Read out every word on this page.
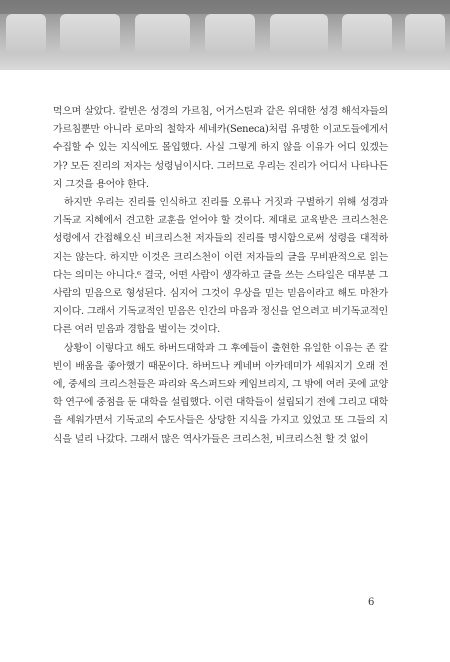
먹으며 살았다. 칼빈은 성경의 가르침, 어거스틴과 같은 위대한 성경 해석자들의 가르침뿐만 아니라 로마의 철학자 세네카(Seneca)처럼 유명한 이교도들에게서 수집할 수 있는 지식에도 몰입했다. 사실 그렇게 하지 않을 이유가 어디 있겠는가? 모든 진리의 저자는 성령님이시다. 그러므로 우리는 진리가 어디서 나타나든지 그것을 용어야 한다.

하지만 우리는 진리를 인식하고 진리를 오류나 거짓과 구별하기 위해 성경과 기독교 지혜에서 견고한 교훈을 얻어야 할 것이다. 제대로 교육받은 크리스천은 성령에서 간접해오신 비크리스천 저자들의 진리를 명시함으로써 성령을 대적하지는 않는다. 하지만 이것은 크리스천이 이런 저자들의 글을 무비판적으로 읽는다는 의미는 아니다.⁶ 결국, 어떤 사람이 생각하고 글을 쓰는 스타일은 대부분 그 사람의 믿음으로 형성된다. 심지어 그것이 우상을 믿는 믿음이라고 해도 마찬가지이다. 그래서 기독교적인 믿음은 인간의 마음과 정신을 얻으려고 비기독교적인 다른 여러 믿음과 경합을 벌이는 것이다.

상황이 이렇다고 해도 하버드대학과 그 후예들이 출현한 유일한 이유는 존 칼빈이 배움을 좋아했기 때문이다. 하버드나 케네버 아카데미가 세워지기 오래 전에, 중세의 크리스천들은 파리와 옥스퍼드와 케임브리지, 그 밖에 여러 곳에 교양학 연구에 중점을 둔 대학을 설립했다. 이런 대학들이 설립되기 전에 그리고 대학을 세워가면서 기독교의 수도사들은 상당한 지식을 가지고 있었고 또 그들의 지식을 널리 나갔다. 그래서 많은 역사가들은 크리스천, 비크리스천 할 것 없이

6
